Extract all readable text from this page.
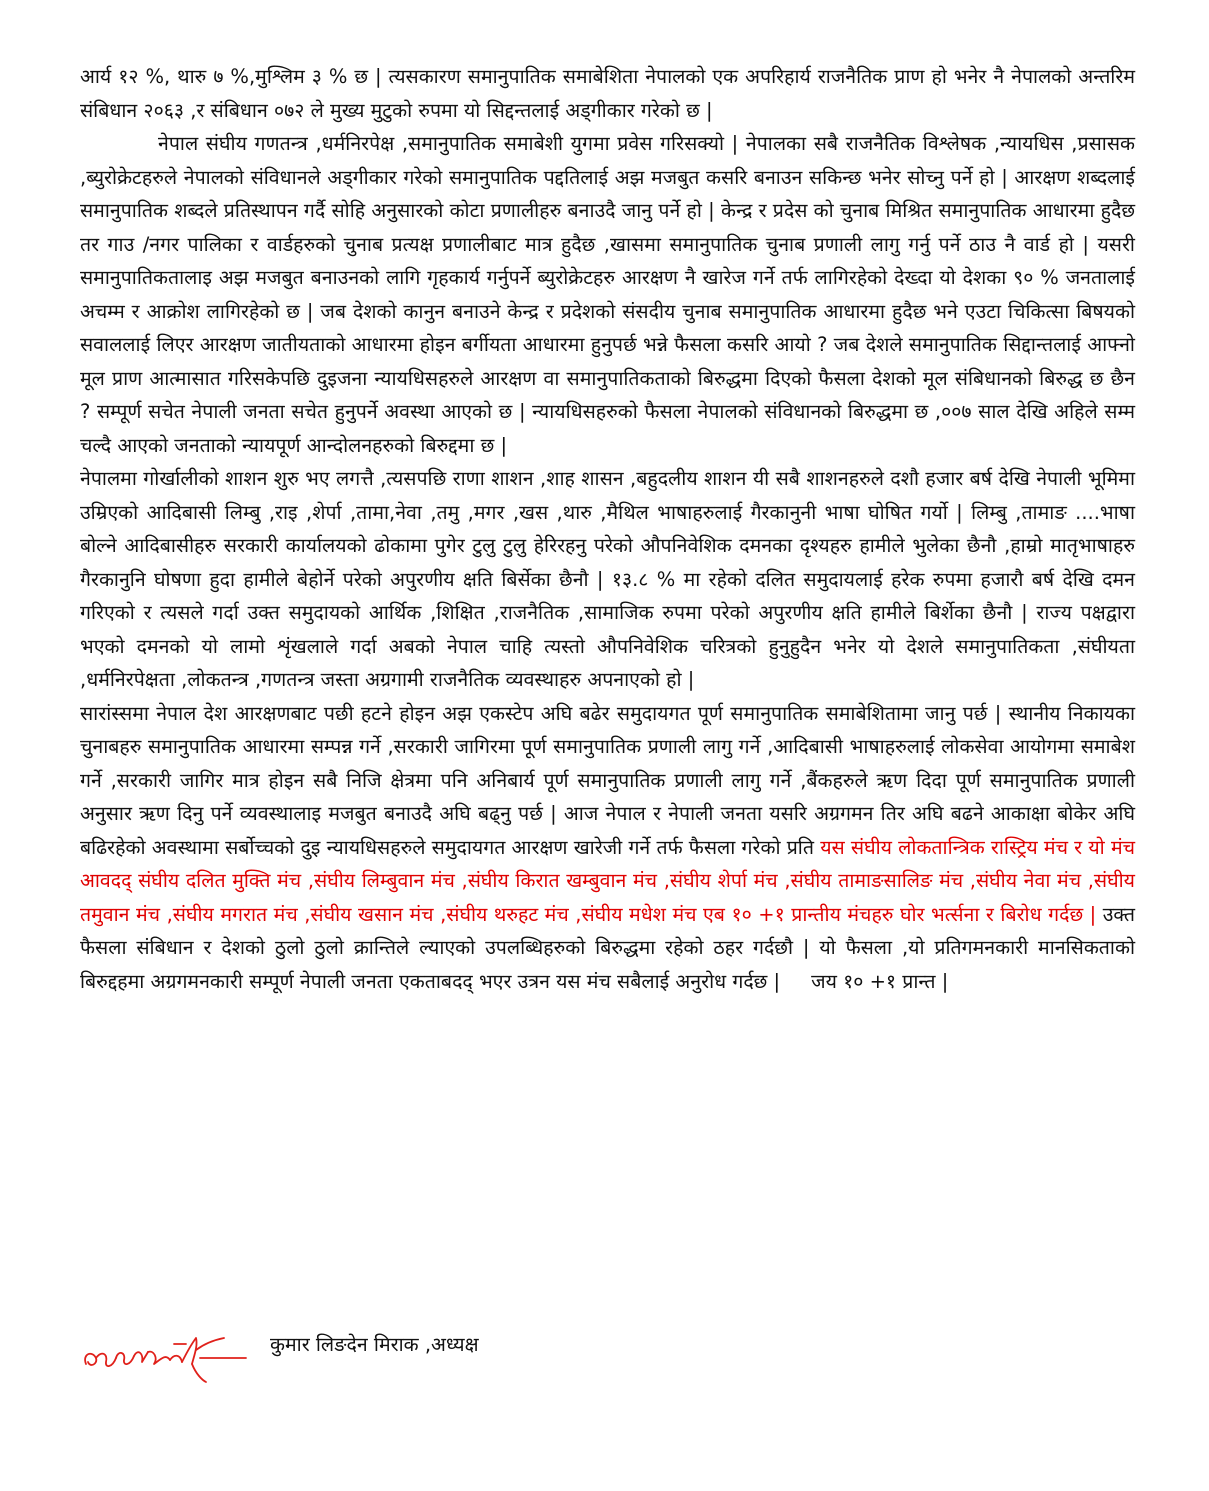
आर्य १२ %, थारु ७ %,मुश्लिम ३ % छ | त्यसकारण समानुपातिक समाबेशिता नेपालको एक अपरिहार्य राजनैतिक प्राण हो भनेर नै नेपालको अन्तरिम संबिधान २०६३ ,र संबिधान ०७२ ले मुख्य मुटुको रुपमा यो सिद्दन्तलाई अड्गीकार गरेको छ |

नेपाल संघीय गणतन्त्र ,धर्मनिरपेक्ष ,समानुपातिक समाबेशी युगमा प्रवेस गरिसक्यो | नेपालका सबै राजनैतिक विश्लेषक ,न्यायधिस ,प्रसासक ,ब्युरोक्रेटहरुले नेपालको संविधानले अड्गीकार गरेको समानुपातिक पद्दतिलाई अझ मजबुत कसरि बनाउन सकिन्छ भनेर सोच्नु पर्ने हो | आरक्षण शब्दलाई समानुपातिक शब्दले प्रतिस्थापन गर्दै सोहि अनुसारको कोटा प्रणालीहरु बनाउदै जानु पर्ने हो | केन्द्र र प्रदेस को चुनाब मिश्रित समानुपातिक आधारमा हुदैछ तर गाउ /नगर पालिका र वार्डहरुको चुनाब प्रत्यक्ष प्रणालीबाट मात्र हुदैछ ,खासमा समानुपातिक चुनाब प्रणाली लागु गर्नु पर्ने ठाउ नै वार्ड हो | यसरी समानुपातिकतालाइ अझ मजबुत बनाउनको लागि गृहकार्य गर्नुपर्ने ब्युरोक्रेटहरु आरक्षण नै खारेज गर्ने तर्फ लागिरहेको देख्दा यो देशका ९० % जनतालाई अचम्म र आक्रोश लागिरहेको छ | जब देशको कानुन बनाउने केन्द्र र प्रदेशको संसदीय चुनाब समानुपातिक आधारमा हुदैछ भने एउटा चिकित्सा बिषयको सवाललाई लिएर आरक्षण जातीयताको आधारमा होइन बर्गीयता आधारमा हुनुपर्छ भन्ने फैसला कसरि आयो ? जब देशले समानुपातिक सिद्दान्तलाई आफ्नो मूल प्राण आत्मासात गरिसकेपछि दुइजना न्यायधिसहरुले आरक्षण वा समानुपातिकताको बिरुद्धमा दिएको फैसला देशको मूल संबिधानको बिरुद्ध छ छैन ? सम्पूर्ण सचेत नेपाली जनता सचेत हुनुपर्ने अवस्था आएको छ | न्यायधिसहरुको फैसला नेपालको संविधानको बिरुद्धमा छ ,००७ साल देखि अहिले सम्म चल्दै आएको जनताको न्यायपूर्ण आन्दोलनहरुको बिरुद्दमा छ |

नेपालमा गोर्खालीको शाशन शुरु भए लगत्तै ,त्यसपछि राणा शाशन ,शाह शासन ,बहुदलीय शाशन यी सबै शाशनहरुले दशौ हजार बर्ष देखि नेपाली भूमिमा उम्रिएको आदिबासी लिम्बु ,राइ ,शेर्पा ,तामा,नेवा ,तमु ,मगर ,खस ,थारु ,मैथिल भाषाहरुलाई गैरकानुनी भाषा घोषित गर्यो | लिम्बु ,तामाङ ....भाषा बोल्ने आदिबासीहरु सरकारी कार्यालयको ढोकामा पुगेर टुलु टुलु हेरिरहनु परेको औपनिवेशिक दमनका दृश्यहरु हामीले भुलेका छैनौ ,हाम्रो मातृभाषाहरु गैरकानुनि घोषणा हुदा हामीले बेहोर्ने परेको अपुरणीय क्षति बिर्सेका छैनौ | १३.८ % मा रहेको दलित समुदायलाई हरेक रुपमा हजारौ बर्ष देखि दमन गरिएको र त्यसले गर्दा उक्त समुदायको आर्थिक ,शिक्षित ,राजनैतिक ,सामाजिक रुपमा परेको अपुरणीय क्षति हामीले बिर्शेका छैनौ | राज्य पक्षद्वारा भएको दमनको यो लामो शृंखलाले गर्दा अबको नेपाल चाहि त्यस्तो औपनिवेशिक चरित्रको हुनुहुदैन भनेर यो देशले समानुपातिकता ,संघीयता ,धर्मनिरपेक्षता ,लोकतन्त्र ,गणतन्त्र जस्ता अग्रगामी राजनैतिक व्यवस्थाहरु अपनाएको हो |

सारांस्समा नेपाल देश आरक्षणबाट पछी हटने होइन अझ एकस्टेप अघि बढेर समुदायगत पूर्ण समानुपातिक समाबेशितामा जानु पर्छ | स्थानीय निकायका चुनाबहरु समानुपातिक आधारमा सम्पन्न गर्ने ,सरकारी जागिरमा पूर्ण समानुपातिक प्रणाली लागु गर्ने ,आदिबासी भाषाहरुलाई लोकसेवा आयोगमा समाबेश गर्ने ,सरकारी जागिर मात्र होइन सबै निजि क्षेत्रमा पनि अनिबार्य पूर्ण समानुपातिक प्रणाली लागु गर्ने ,बैंकहरुले ऋण दिदा पूर्ण समानुपातिक प्रणाली अनुसार ऋण दिनु पर्ने व्यवस्थालाइ मजबुत बनाउदै अघि बढ्नु पर्छ | आज नेपाल र नेपाली जनता यसरि अग्रगमन तिर अघि बढने आकाक्षा बोकेर अघि बढिरहेको अवस्थामा सर्बोच्चको दुइ न्यायधिसहरुले समुदायगत आरक्षण खारेजी गर्ने तर्फ फैसला गरेको प्रति यस संघीय लोकतान्त्रिक रास्ट्रिय मंच र यो मंच आवदद् संघीय दलित मुक्ति मंच ,संघीय लिम्बुवान मंच ,संघीय किरात खम्बुवान मंच ,संघीय शेर्पा मंच ,संघीय तामाङसालिङ मंच ,संघीय नेवा मंच ,संघीय तमुवान मंच ,संघीय मगरात मंच ,संघीय खसान मंच ,संघीय थरुहट मंच ,संघीय मधेश मंच एब १० +१ प्रान्तीय मंचहरु घोर भर्त्सना र बिरोध गर्दछ | उक्त फैसला संबिधान र देशको ठुलो ठुलो क्रान्तिले ल्याएको उपलब्धिहरुको बिरुद्धमा रहेको ठहर गर्दछौ | यो फैसला ,यो प्रतिगमनकारी मानसिकताको बिरुद्दहमा अग्रगमनकारी सम्पूर्ण नेपाली जनता एकताबदद् भएर उत्रन यस मंच सबैलाई अनुरोध गर्दछ | जय १० +१ प्रान्त |

कुमार लिङदेन मिराक ,अध्यक्ष
